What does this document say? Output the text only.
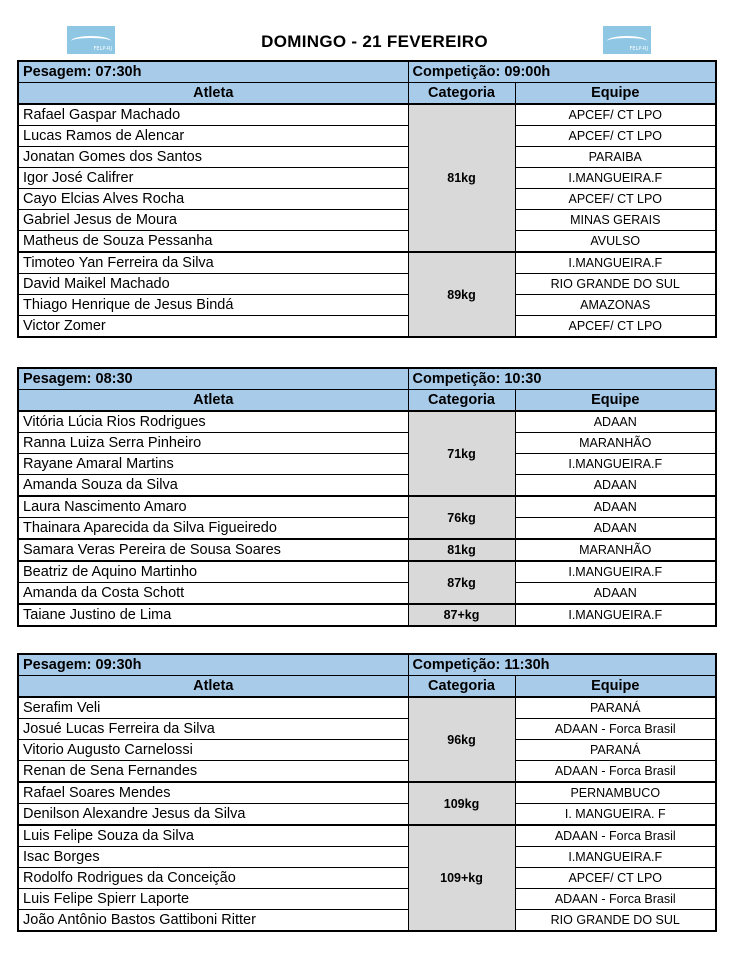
FELP-RJ	DOMINGO - 21 FEVEREIRO	FELP-RJ
Pesagem: 07:30h	Competição: 09:00h	
Atleta	Categoria	Equipe
Rafael Gaspar Machado	81kg	APCEF/ CT LPO
Lucas Ramos de Alencar		APCEF/ CT LPO
Jonatan Gomes dos Santos		PARAIBA
Igor José Califrer		I.MANGUEIRA.F
Cayo Elcias Alves Rocha		APCEF/ CT LPO
Gabriel Jesus de Moura		MINAS GERAIS
Matheus de Souza Pessanha		AVULSO
Timoteo Yan Ferreira da Silva	89kg	I.MANGUEIRA.F
David Maikel Machado		RIO GRANDE DO SUL
Thiago Henrique de Jesus Bindá		AMAZONAS
Victor Zomer		APCEF/ CT LPO
Pesagem: 08:30	Competição: 10:30	
Atleta	Categoria	Equipe
Vitória Lúcia Rios Rodrigues	71kg	ADAAN
Ranna Luiza Serra Pinheiro		MARANHÃO
Rayane Amaral Martins		I.MANGUEIRA.F
Amanda Souza da Silva		ADAAN
Laura Nascimento Amaro	76kg	ADAAN
Thainara Aparecida da Silva Figueiredo		ADAAN
Samara Veras Pereira de Sousa Soares	81kg	MARANHÃO
Beatriz de Aquino Martinho	87kg	I.MANGUEIRA.F
Amanda da Costa Schott		ADAAN
Taiane Justino de Lima	87+kg	I.MANGUEIRA.F
Pesagem: 09:30h	Competição: 11:30h	
Atleta	Categoria	Equipe
Serafim Veli	96kg	PARANÁ
Josué Lucas Ferreira da Silva		ADAAN - Forca Brasil
Vitorio Augusto Carnelossi		PARANÁ
Renan de Sena Fernandes		ADAAN - Forca Brasil
Rafael Soares Mendes	109kg	PERNAMBUCO
Denilson Alexandre Jesus da Silva		I. MANGUEIRA. F
Luis Felipe Souza da Silva	109+kg	ADAAN - Forca Brasil
Isac Borges		I.MANGUEIRA.F
Rodolfo Rodrigues da Conceição		APCEF/ CT LPO
Luis Felipe Spierr Laporte		ADAAN - Forca Brasil
João Antônio Bastos Gattiboni Ritter		RIO GRANDE DO SUL
